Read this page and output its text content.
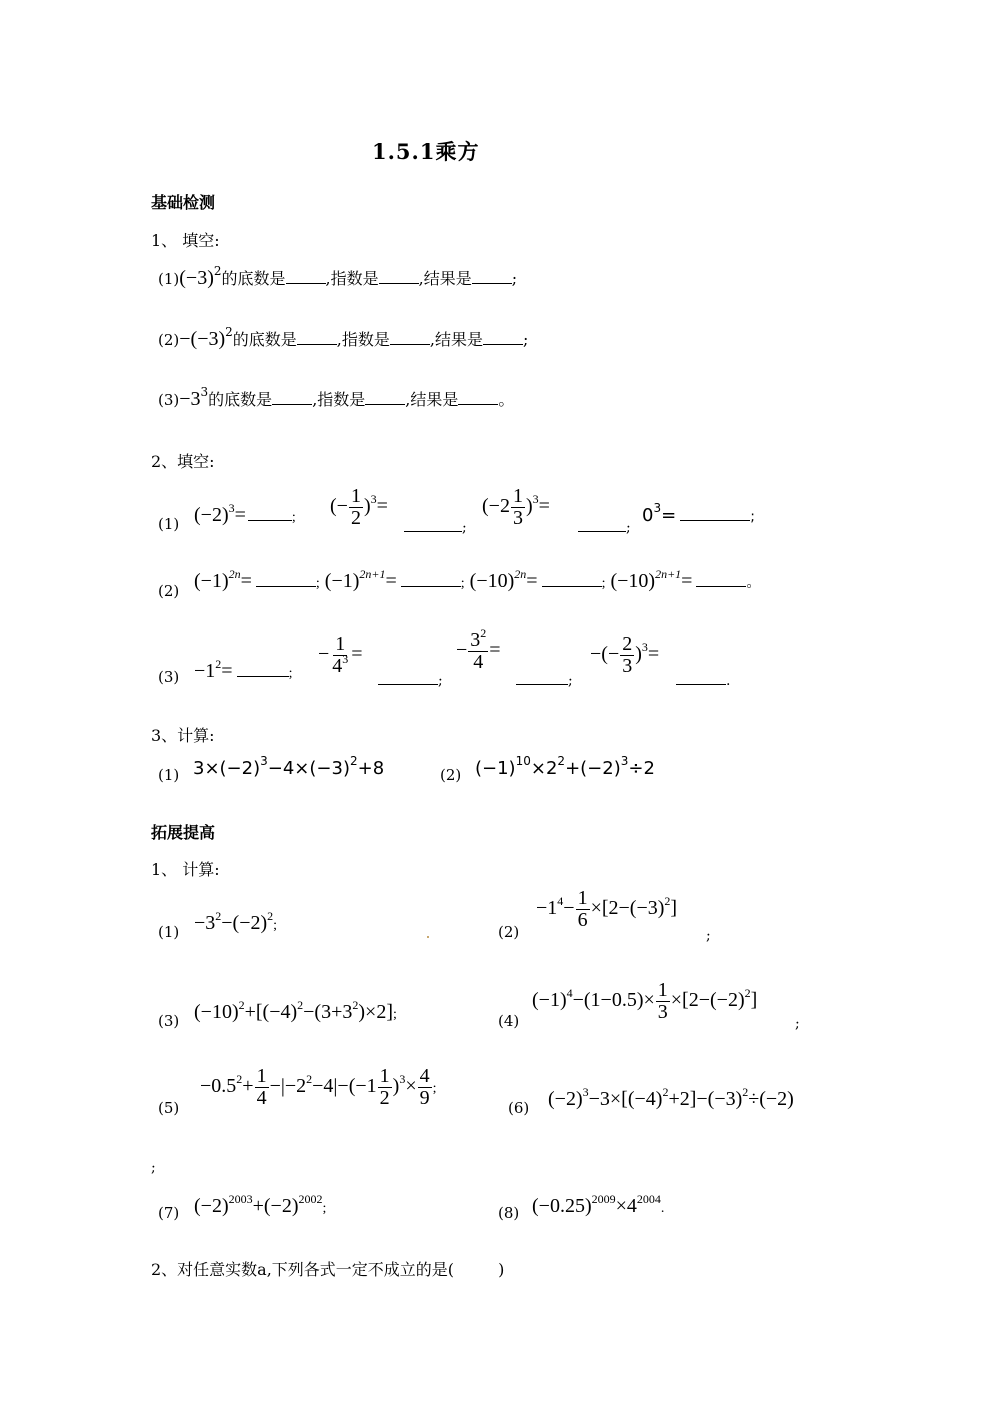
1.5.1乘方
基础检测
1、 填空:
$(1)(-3)^2$的底数是	,指数是	,结果是	;
$(2)-(-3)^2$的底数是	,指数是	,结果是	;
$(3)-3^3$的底数是	,指数是	,结果是	。
2、填空:
(1) $(-2)^3=$	;
(− $\frac{1}{2} )^3=$
;
$(-2 \frac{1}{3} )^3=$
;
$0^3=$	;
(2) $(-1)^{2n}=$	; $(-1)^{2n+1}=$	; $(-10)^{2n}=$	; $(-10)^{2n+1}=$	。
$(3) -1^2=$	;
− $\frac{1}{4^3}$ =
;
− $\frac{3^2}{4}$ =
;
−(− $\frac{2}{3} )^3=$
.
3、计算:
(1) $3\times(-2)^3-4\times(-3)^2+8$	(2) $(-1)^{10}\times 2^2+(-2)^3\div 2$
拓展提高
1、 计算:
$(1) -3^2-(-2)^2$;	(2)
$-1^4- \frac{1}{6} \times[2-(-3)^2]$
;
(3) $(-10)^2+[(-4)^2-(3+3^2)\times 2]$;	(4)
$(-1)^4-(1-0.5)\times \frac{1}{3} \times[2-(-2)^2]$
;
(5)
$-0.5^2+ \frac{1}{4} -|-2^2-4|-(-1 \frac{1}{2} )^3\times \frac{4}{9}$ ;
(6) $(-2)^3-3\times[(-4)^2+2]-(-3)^2\div(-2)$
;
(7) $(-2)^{2003}+(-2)^{2002}$;	(8) $(-0.25)^{2009}\times 4^{2004}$.
2、对任意实数a,下列各式一定不成立的是(	)
